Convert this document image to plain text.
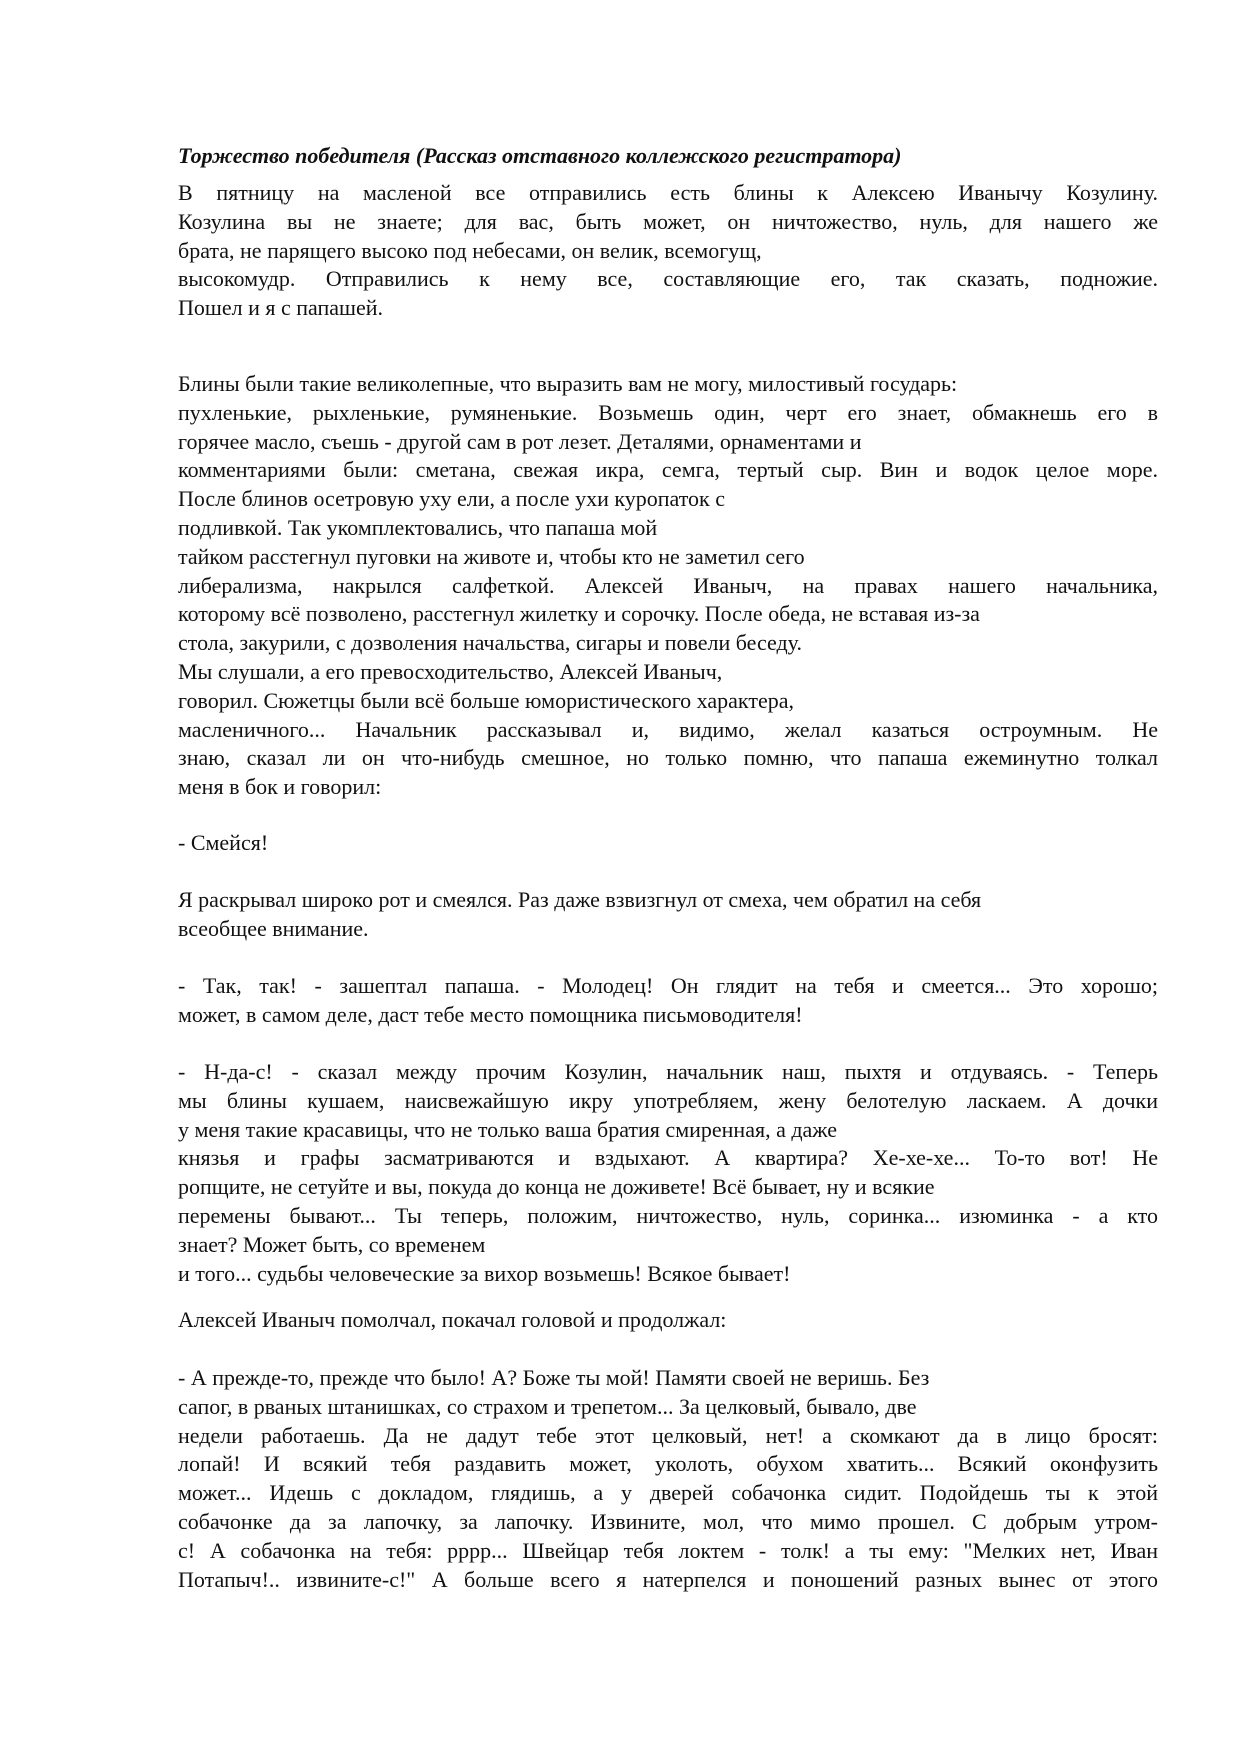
Торжество победителя (Рассказ отставного коллежского регистратора)
В пятницу на масленой все отправились есть блины к Алексею Иванычу Козулину.
Козулина вы не знаете; для вас, быть может, он ничтожество, нуль, для нашего же
брата, не парящего высоко под небесами, он велик, всемогущ,
высокомудр. Отправились к нему все, составляющие его, так сказать, подножие.
Пошел и я с папашей.
Блины были такие великолепные, что выразить вам не могу, милостивый государь:
пухленькие, рыхленькие, румяненькие. Возьмешь один, черт его знает, обмакнешь его в
горячее масло, съешь - другой сам в рот лезет. Деталями, орнаментами и
комментариями были: сметана, свежая икра, семга, тертый сыр. Вин и водок целое море.
После блинов осетровую уху ели, а после ухи куропаток с
подливкой. Так укомплектовались, что папаша мой
тайком расстегнул пуговки на животе и, чтобы кто не заметил сего
либерализма, накрылся салфеткой. Алексей Иваныч, на правах нашего начальника,
которому всё позволено, расстегнул жилетку и сорочку. После обеда, не вставая из-за
стола, закурили, с дозволения начальства, сигары и повели беседу.
Мы слушали, а его превосходительство, Алексей Иваныч,
говорил. Сюжетцы были всё больше юмористического характера,
масленичного... Начальник рассказывал и, видимо, желал казаться остроумным. Не
знаю, сказал ли он что-нибудь смешное, но только помню, что папаша ежеминутно толкал
меня в бок и говорил:
- Смейся!
Я раскрывал широко рот и смеялся. Раз даже взвизгнул от смеха, чем обратил на себя
всеобщее внимание.
- Так, так! - зашептал папаша. - Молодец! Он глядит на тебя и смеется... Это хорошо;
может, в самом деле, даст тебе место помощника письмоводителя!
- Н-да-с! - сказал между прочим Козулин, начальник наш, пыхтя и отдуваясь. - Теперь
мы блины кушаем, наисвежайшую икру употребляем, жену белотелую ласкаем. А дочки
у меня такие красавицы, что не только ваша братия смиренная, а даже
князья и графы засматриваются и вздыхают. А квартира? Хе-хе-хе... То-то вот! Не
ропщите, не сетуйте и вы, покуда до конца не доживете! Всё бывает, ну и всякие
перемены бывают... Ты теперь, положим, ничтожество, нуль, соринка... изюминка - а кто
знает? Может быть, со временем
и того... судьбы человеческие за вихор возьмешь! Всякое бывает!
Алексей Иваныч помолчал, покачал головой и продолжал:
- А прежде-то, прежде что было! А? Боже ты мой! Памяти своей не веришь. Без
сапог, в рваных штанишках, со страхом и трепетом... За целковый, бывало, две
недели работаешь. Да не дадут тебе этот целковый, нет! а скомкают да в лицо бросят:
лопай! И всякий тебя раздавить может, уколоть, обухом хватить... Всякий оконфузить
может... Идешь с докладом, глядишь, а у дверей собачонка сидит. Подойдешь ты к этой
собачонке да за лапочку, за лапочку. Извините, мол, что мимо прошел. С добрым утром-
с! А собачонка на тебя: рррр... Швейцар тебя локтем - толк! а ты ему: "Мелких нет, Иван
Потапыч!.. извините-с!" А больше всего я натерпелся и поношений разных вынес от этого
